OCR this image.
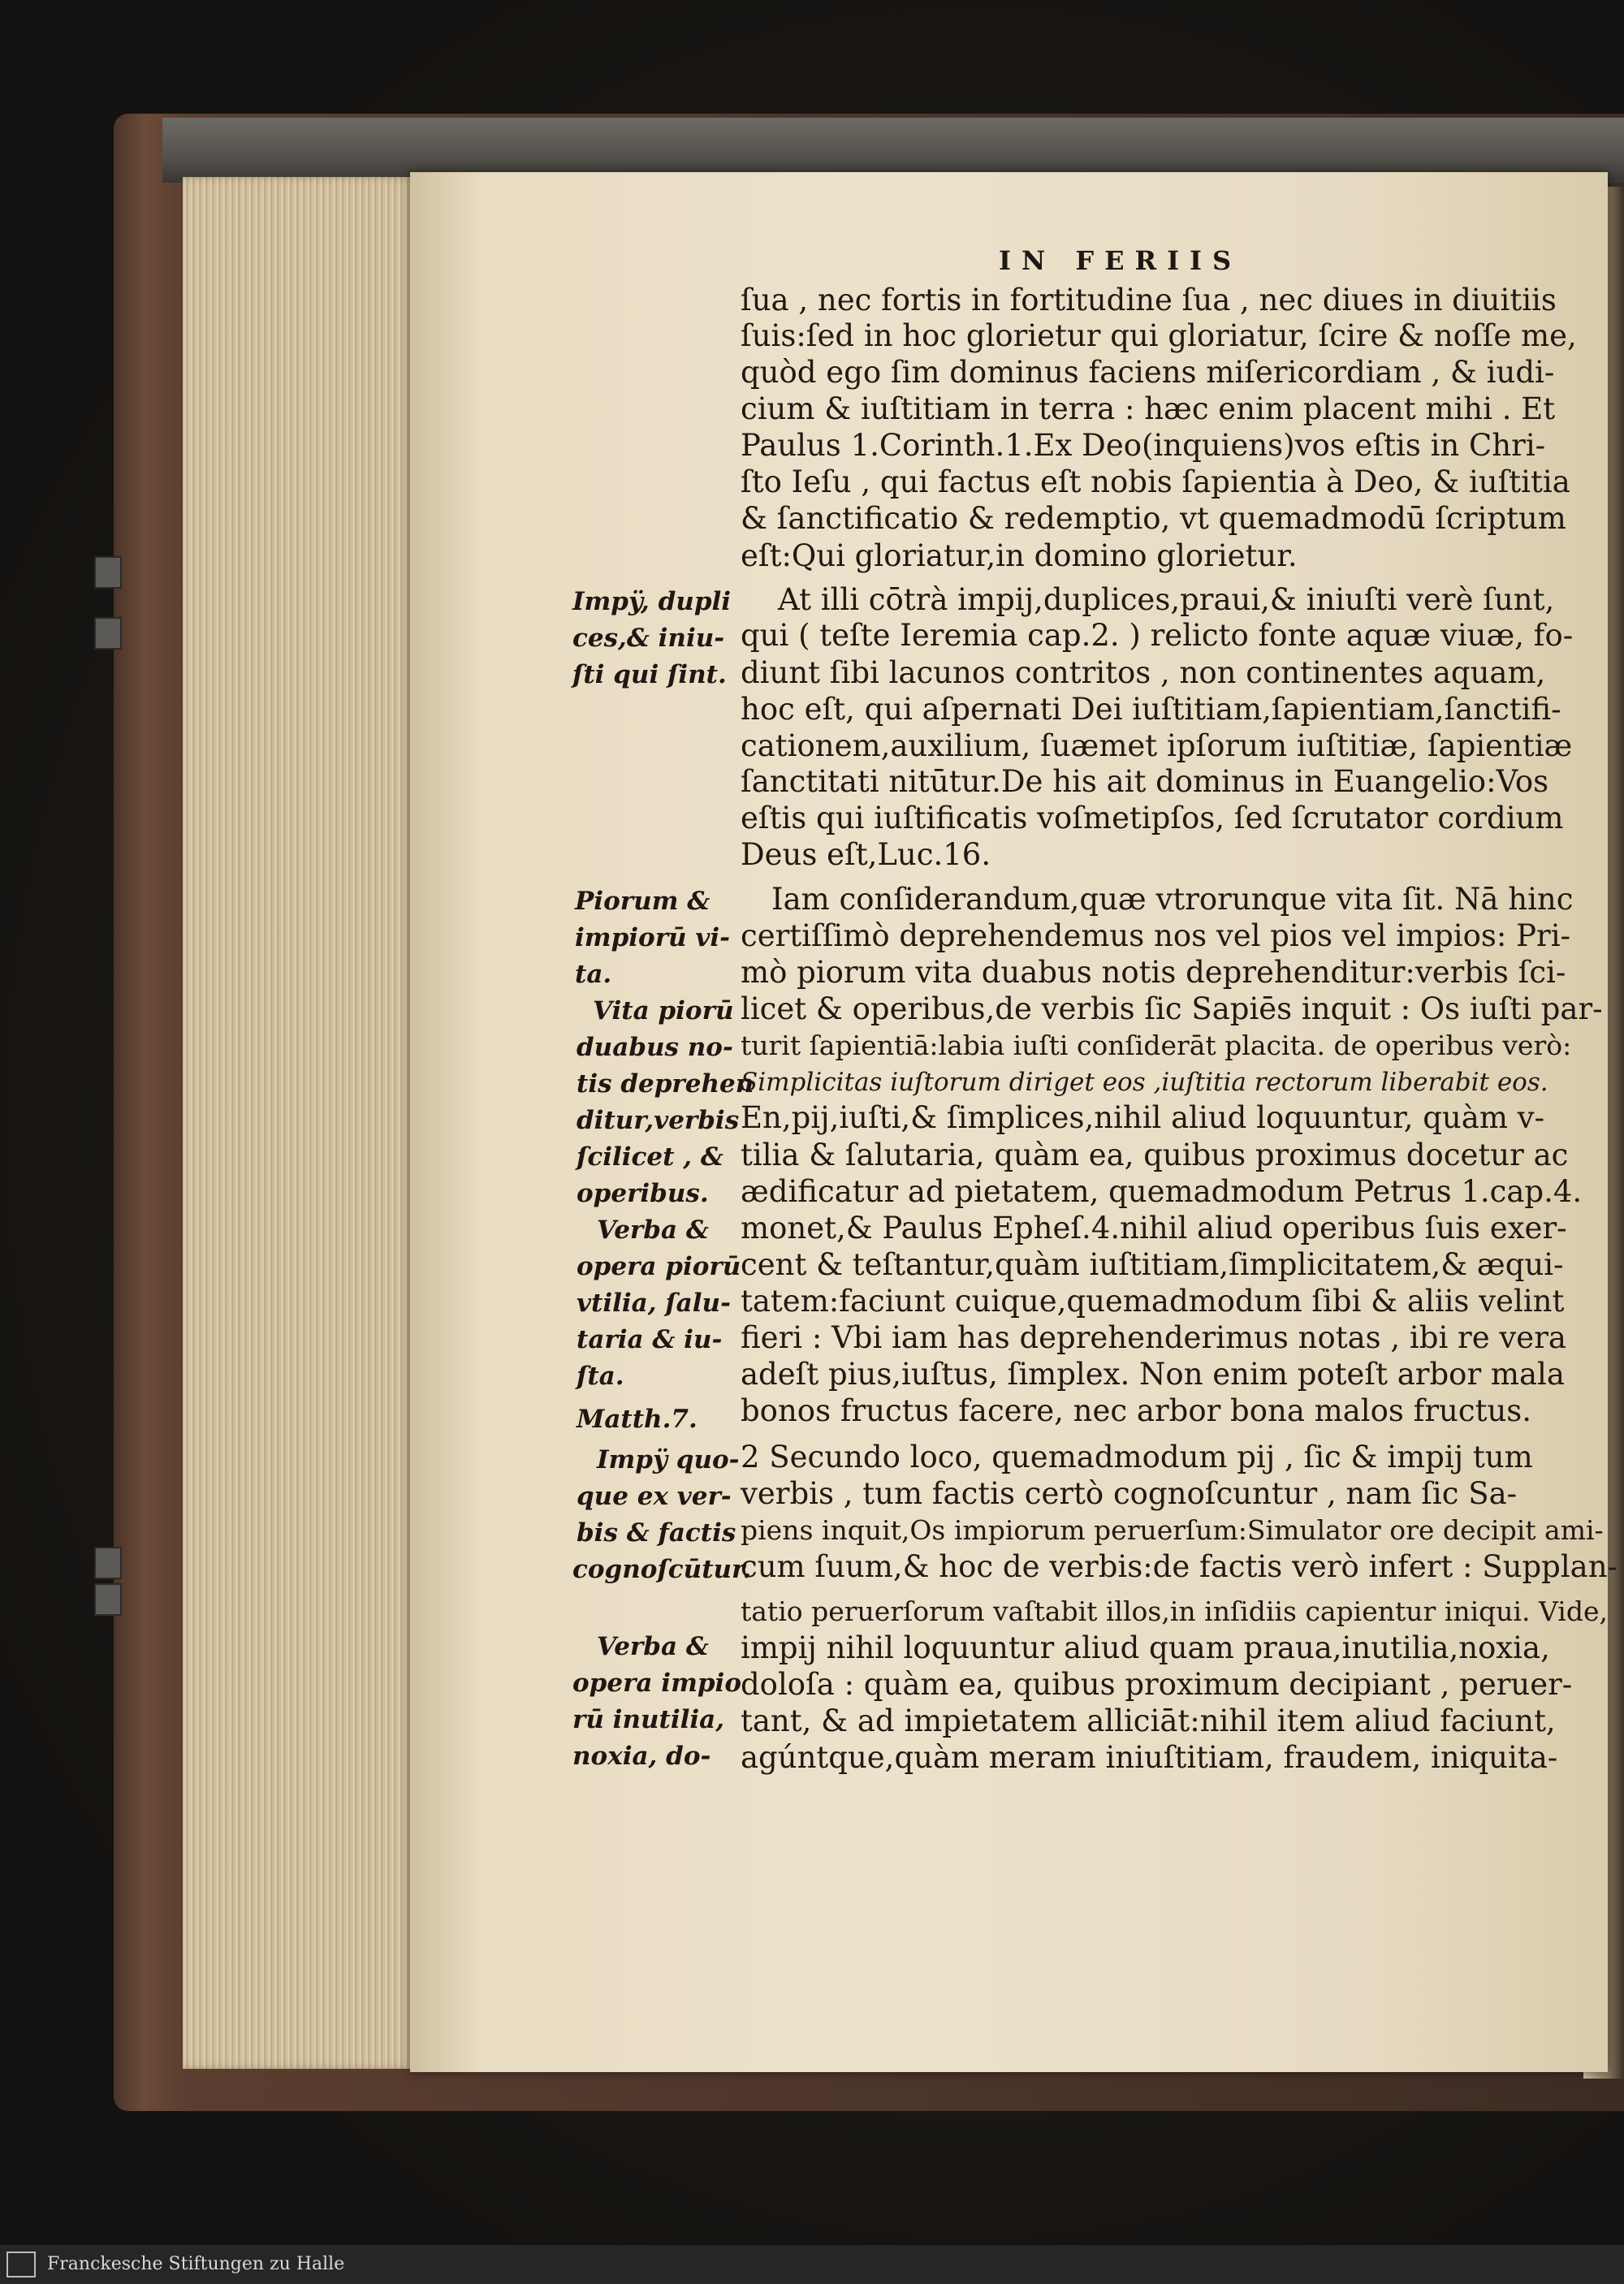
IN FERIIS
ſua , nec fortis in fortitudine ſua , nec diues in diuitiis
ſuis:ſed in hoc glorietur qui gloriatur, ſcire & noſſe me,
quòd ego ſim dominus faciens miſericordiam , & iudi-
cium & iuſtitiam in terra : hæc enim placent mihi . Et
Paulus 1.Corinth.1.Ex Deo(inquiens)vos eſtis in Chri-
ſto Ieſu , qui factus eſt nobis ſapientia à Deo, & iuſtitia
& ſanctificatio & redemptio, vt quemadmodū ſcriptum
eſt:Qui gloriatur,in domino glorietur.
At illi cōtrà impij,duplices,praui,& iniuſti verè ſunt,
qui ( teſte Ieremia cap.2. ) relicto fonte aquæ viuæ, fo-
diunt ſibi lacunos contritos , non continentes aquam,
hoc eſt, qui aſpernati Dei iuſtitiam,ſapientiam,ſanctifi-
cationem,auxilium, ſuæmet ipſorum iuſtitiæ, ſapientiæ
ſanctitati nitūtur.De his ait dominus in Euangelio:Vos
eſtis qui iuſtificatis voſmetipſos, ſed ſcrutator cordium
Deus eſt,Luc.16.
Iam conſiderandum,quæ vtrorunque vita ſit. Nā hinc
certiſſimò deprehendemus nos vel pios vel impios: Pri-
mò piorum vita duabus notis deprehenditur:verbis ſci-
licet & operibus,de verbis ſic Sapiēs inquit : Os iuſti par-
turit ſapientiā:labia iuſti conſiderāt placita. de operibus verò:
Simplicitas iuſtorum diriget eos ,iuſtitia rectorum liberabit eos.
En,pij,iuſti,& ſimplices,nihil aliud loquuntur, quàm v-
tilia & ſalutaria, quàm ea, quibus proximus docetur ac
ædificatur ad pietatem, quemadmodum Petrus 1.cap.4.
monet,& Paulus Epheſ.4.nihil aliud operibus ſuis exer-
cent & teſtantur,quàm iuſtitiam,ſimplicitatem,& æqui-
tatem:faciunt cuique,quemadmodum ſibi & aliis velint
fieri : Vbi iam has deprehenderimus notas , ibi re vera
adeſt pius,iuſtus, ſimplex. Non enim poteſt arbor mala
bonos fructus facere, nec arbor bona malos fructus.
2 Secundo loco, quemadmodum pij , ſic & impij tum
verbis , tum factis certò cognoſcuntur , nam ſic Sa-
piens inquit,Os impiorum peruerſum:Simulator ore decipit ami-
cum ſuum,& hoc de verbis:de factis verò infert : Supplan-
tatio peruerſorum vaſtabit illos,in inſidiis capientur iniqui. Vide,
impij nihil loquuntur aliud quam praua,inutilia,noxia,
doloſa : quàm ea, quibus proximum decipiant , peruer-
tant, & ad impietatem alliciāt:nihil item aliud faciunt,
agúntque,quàm meram iniuſtitiam, fraudem, iniquita-
Impÿ, dupli
ces,& iniu-
ſti qui ſint.
Piorum &
impiorū vi-
ta.
Vita piorū
duabus no-
tis deprehen
ditur,verbis
ſcilicet , &
operibus.
Verba &
opera piorū
vtilia, ſalu-
taria & iu-
ſta.
Matth.7.
Impÿ quo-
que ex ver-
bis & factis
cognoſcūtur.
Verba &
opera impio
rū inutilia,
noxia, do-
Franckesche Stiftungen zu Halle
